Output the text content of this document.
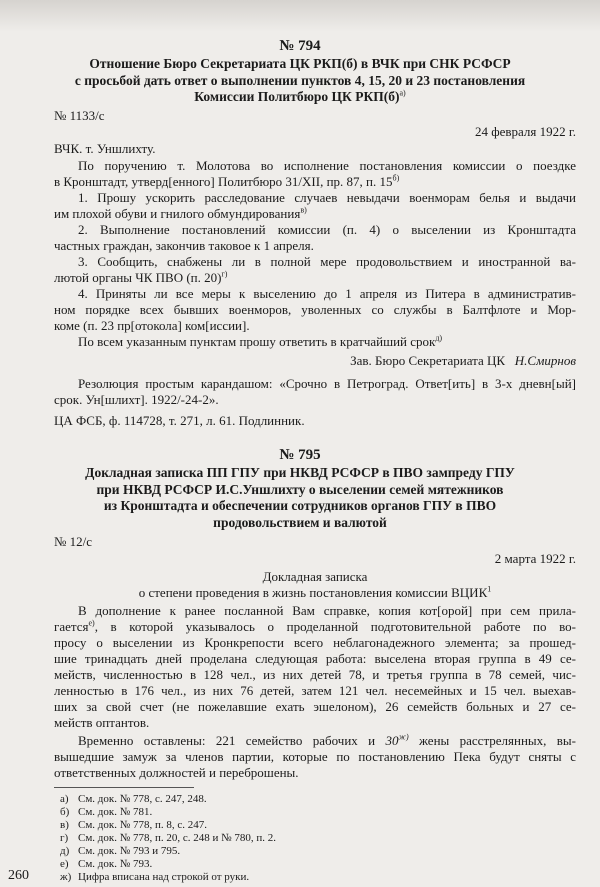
№ 794
Отношение Бюро Секретариата ЦК РКП(б) в ВЧК при СНК РСФСР
с просьбой дать ответ о выполнении пунктов 4, 15, 20 и 23 постановления
Комиссии Политбюро ЦК $РКП(б)^{а)}$
№ 1133/с
24 февраля 1922 г.
ВЧК. т. Уншлихту.
По поручению т. Молотова во исполнение постановления комиссии о поездке
в Кронштадт, утверд[енного] Политбюро 31/XII, пр. 87, п. $15^{б)}$
1. Прошу ускорить расследование случаев невыдачи военморам белья и выдачи
им плохой обуви и гнилого обмундирования$^{в)}$
2. Выполнение постановлений комиссии (п. 4) о выселении из Кронштадта
частных граждан, закончив таковое к 1 апреля.
3. Сообщить, снабжены ли в полной мере продовольствием и иностранной ва-
лютой органы ЧК ПВО (п. 20)$^{г)}$
4. Приняты ли все меры к выселению до 1 апреля из Питера в административ-
ном порядке всех бывших военморов, уволенных со службы в Балтфлоте и Мор-
коме (п. 23 пр[отокола] ком[иссии].
По всем указанным пунктам прошу ответить в кратчайший срок$^{д)}$
Зав. Бюро Секретариата ЦК Н.Смирнов
Резолюция простым карандашом: «Срочно в Петроград. Ответ[ить] в 3-х дневн[ый]
срок. Ун[шлихт]. 1922/-24-2».
ЦА ФСБ, ф. 114728, т. 271, л. 61. Подлинник.
№ 795
Докладная записка ПП ГПУ при НКВД РСФСР в ПВО зампреду ГПУ
при НКВД РСФСР И.С.Уншлихту о выселении семей мятежников
из Кронштадта и обеспечении сотрудников органов ГПУ в ПВО
продовольствием и валютой
№ 12/с
2 марта 1922 г.
Докладная записка
о степени проведения в жизнь постановления комиссии ВЦИК$^1$
В дополнение к ранее посланной Вам справке, копия кот[орой] при сем прила-
гается$^{е)}$, в которой указывалось о проделанной подготовительной работе по во-
просу о выселении из Кронкрепости всего неблагонадежного элемента; за прошед-
шие тринадцать дней проделана следующая работа: выселена вторая группа в 49 се-
мейств, численностью в 128 чел., из них детей 78, и третья группа в 78 семей, чис-
ленностью в 176 чел., из них 76 детей, затем 121 чел. несемейных и 15 чел. выехав-
ших за свой счет (не пожелавшие ехать эшелоном), 26 семейств больных и 27 се-
мейств оптантов.
Временно оставлены: 221 семейство рабочих и $30^{ж)}$ жены расстрелянных, вы-
вышедшие замуж за членов партии, которые по постановлению Пека будут сняты с
ответственных должностей и переброшены.
а) См. док. № 778, с. 247, 248.
б) См. док. № 781.
в) См. док. № 778, п. 8, с. 247.
г) См. док. № 778, п. 20, с. 248 и № 780, п. 2.
д) См. док. № 793 и 795.
е) См. док. № 793.
ж) Цифра вписана над строкой от руки.
260
